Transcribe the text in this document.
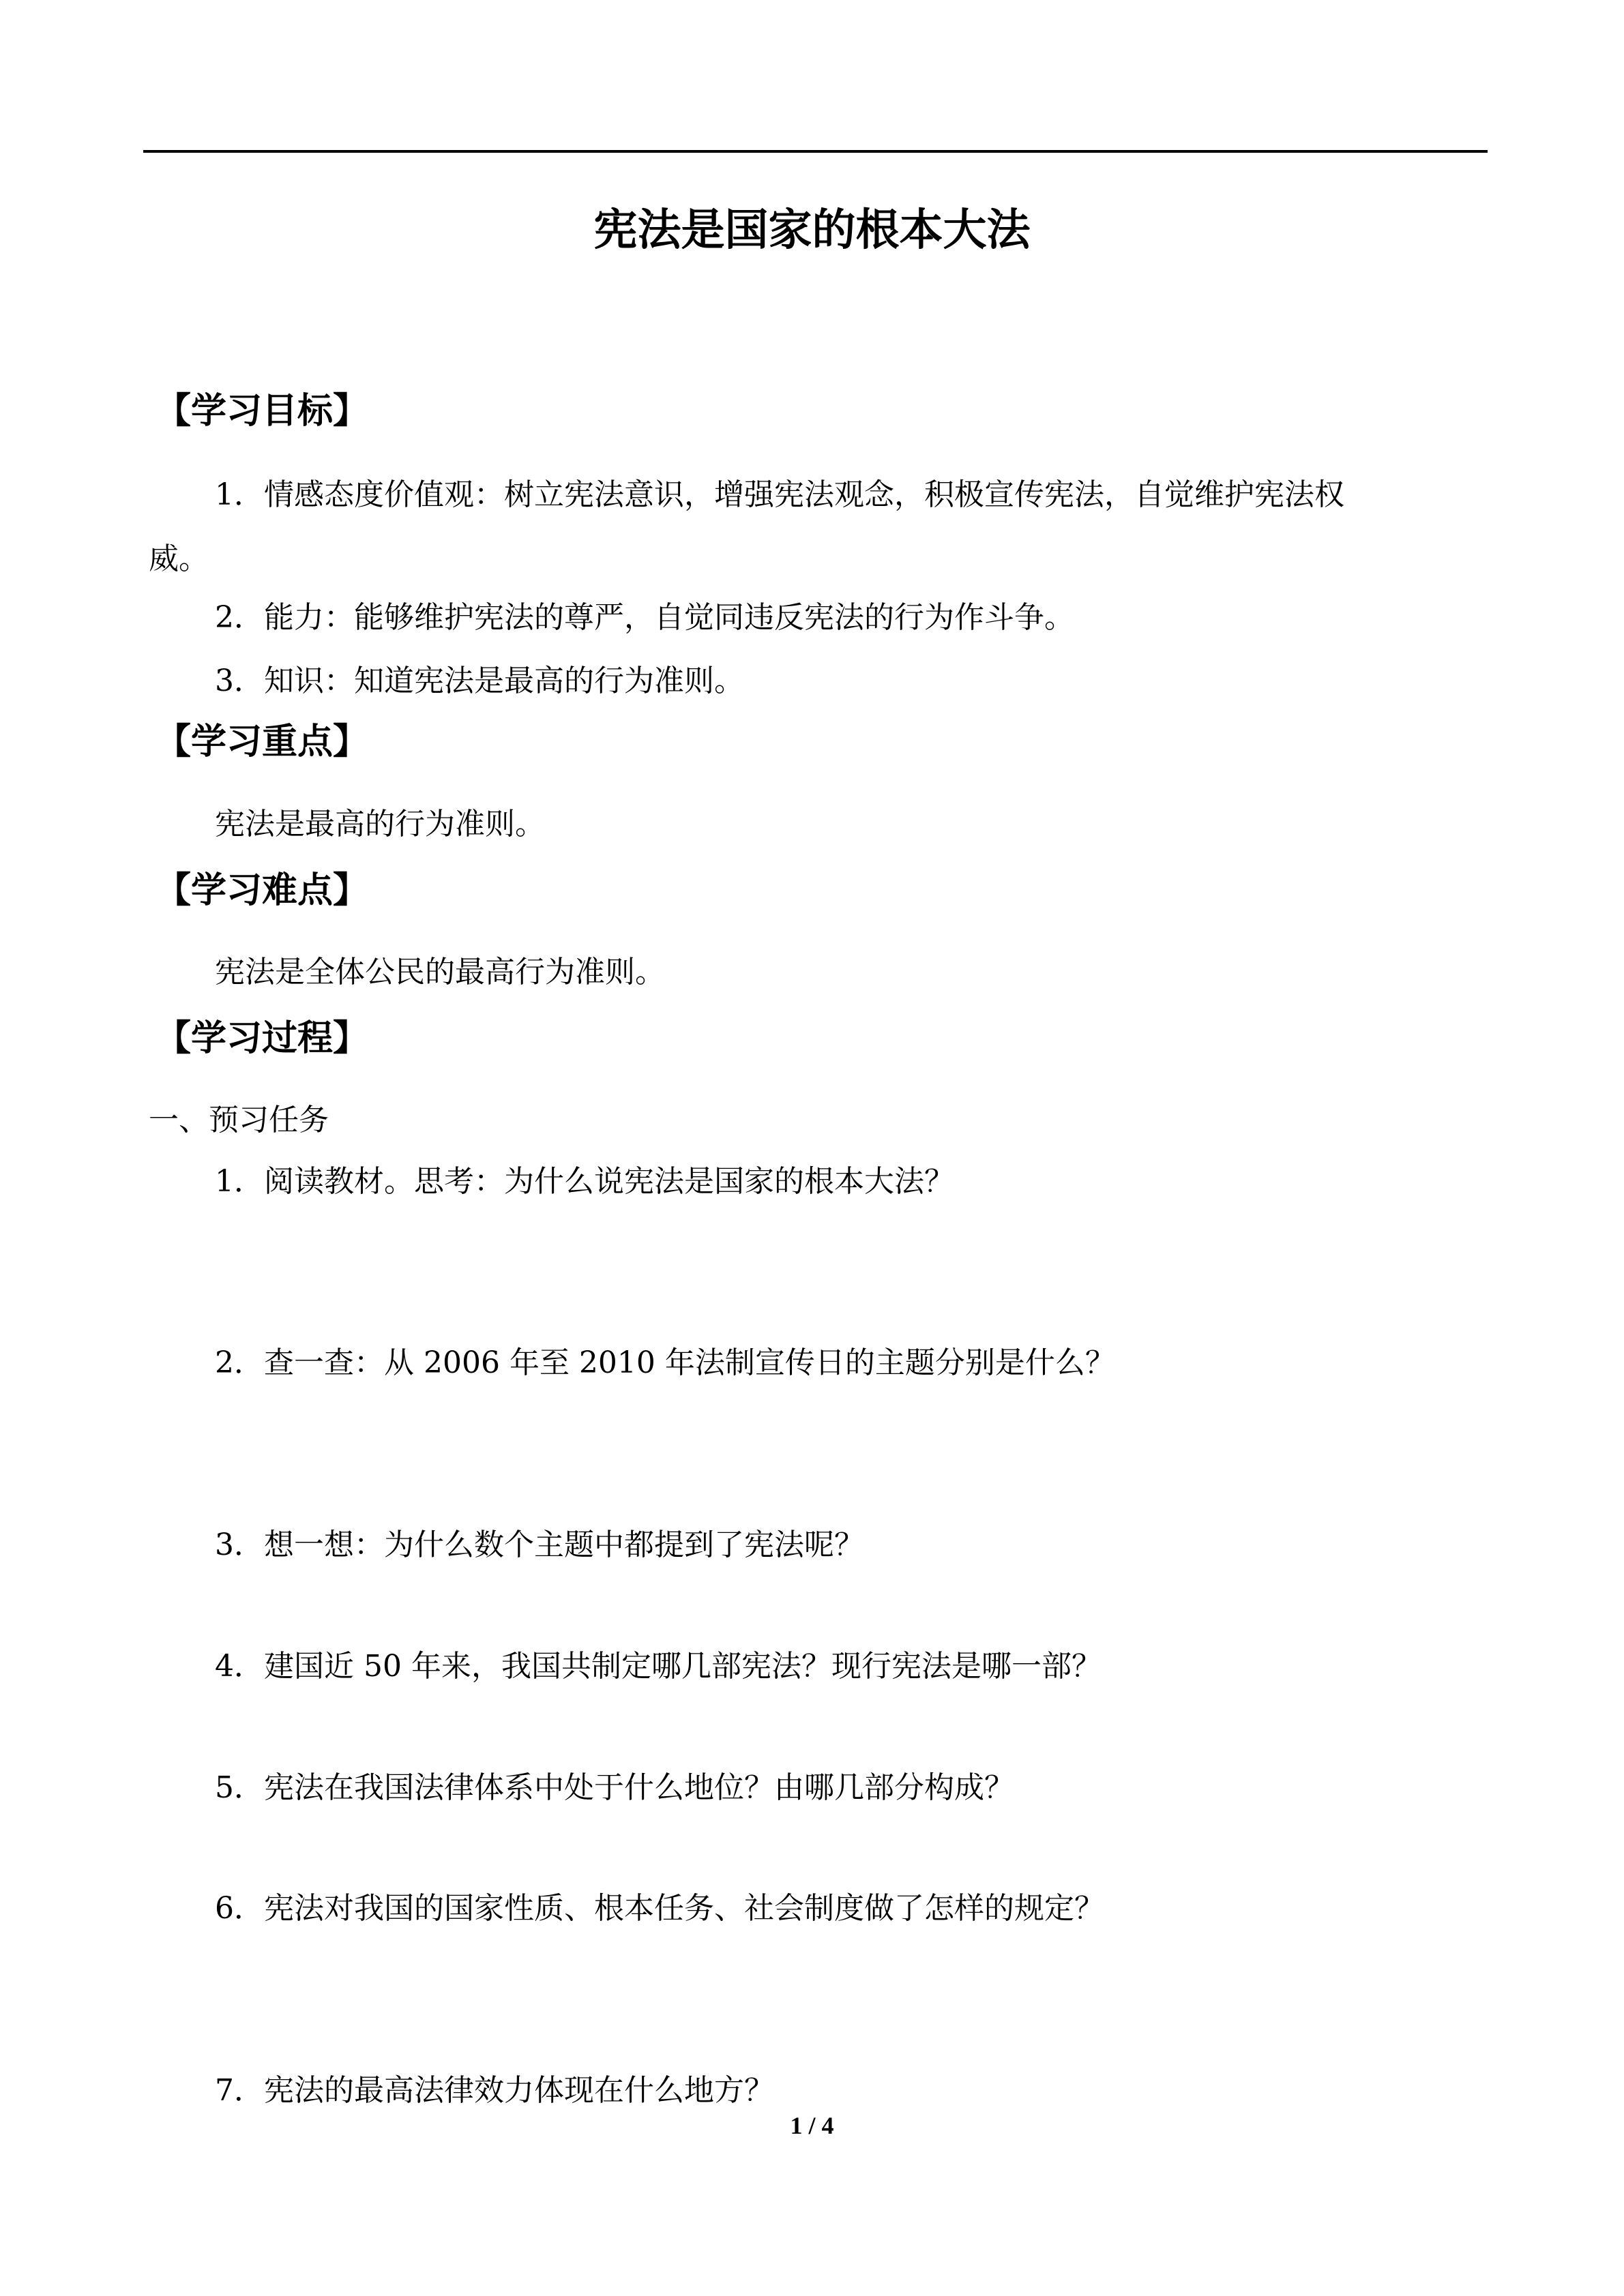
宪法是国家的根本大法
【学习目标】
1．情感态度价值观：树立宪法意识，增强宪法观念，积极宣传宪法，自觉维护宪法权
威。
2．能力：能够维护宪法的尊严，自觉同违反宪法的行为作斗争。
3．知识：知道宪法是最高的行为准则。
【学习重点】
宪法是最高的行为准则。
【学习难点】
宪法是全体公民的最高行为准则。
【学习过程】
一、预习任务
1．阅读教材。思考：为什么说宪法是国家的根本大法？
2．查一查：从 2006 年至 2010 年法制宣传日的主题分别是什么？
3．想一想：为什么数个主题中都提到了宪法呢？
4．建国近 50 年来，我国共制定哪几部宪法？现行宪法是哪一部？
5．宪法在我国法律体系中处于什么地位？由哪几部分构成？
6．宪法对我国的国家性质、根本任务、社会制度做了怎样的规定？
7．宪法的最高法律效力体现在什么地方？
1 / 4
